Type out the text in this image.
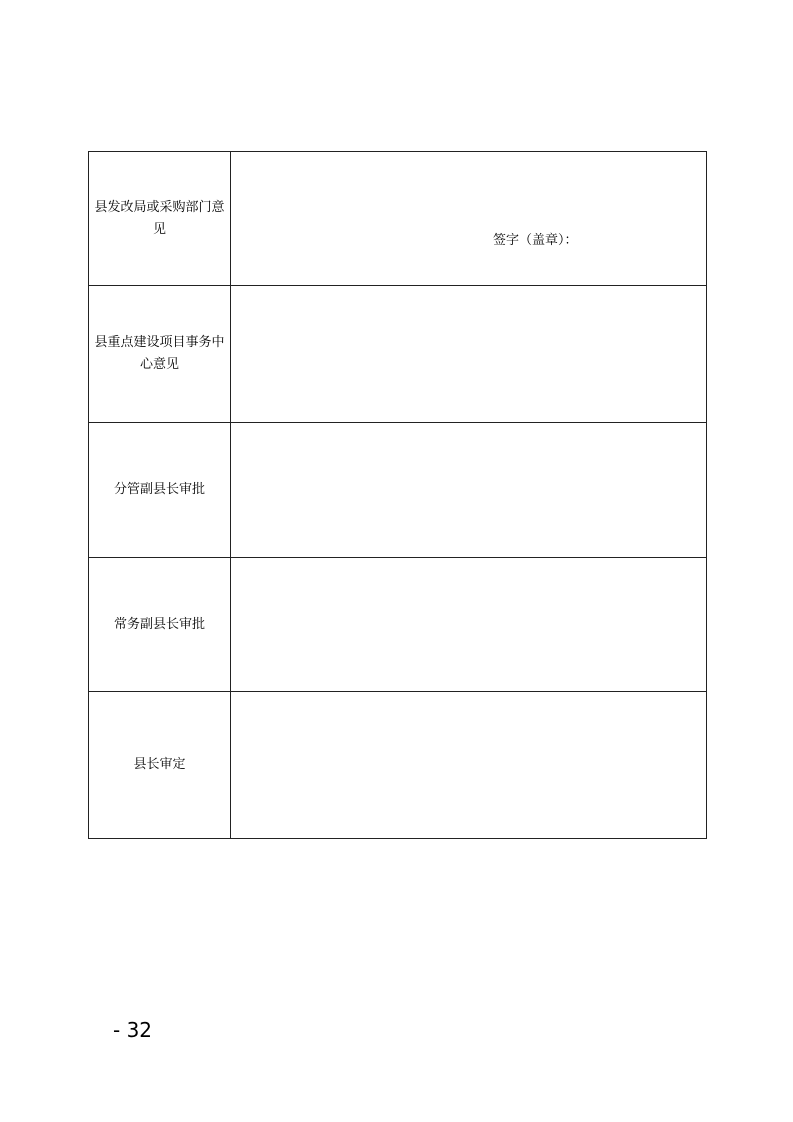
县发改局或采购部门意见	签字（盖章）：

县重点建设项目事务中心意见	

分管副县长审批	

常务副县长审批	

县长审定	

- 32
